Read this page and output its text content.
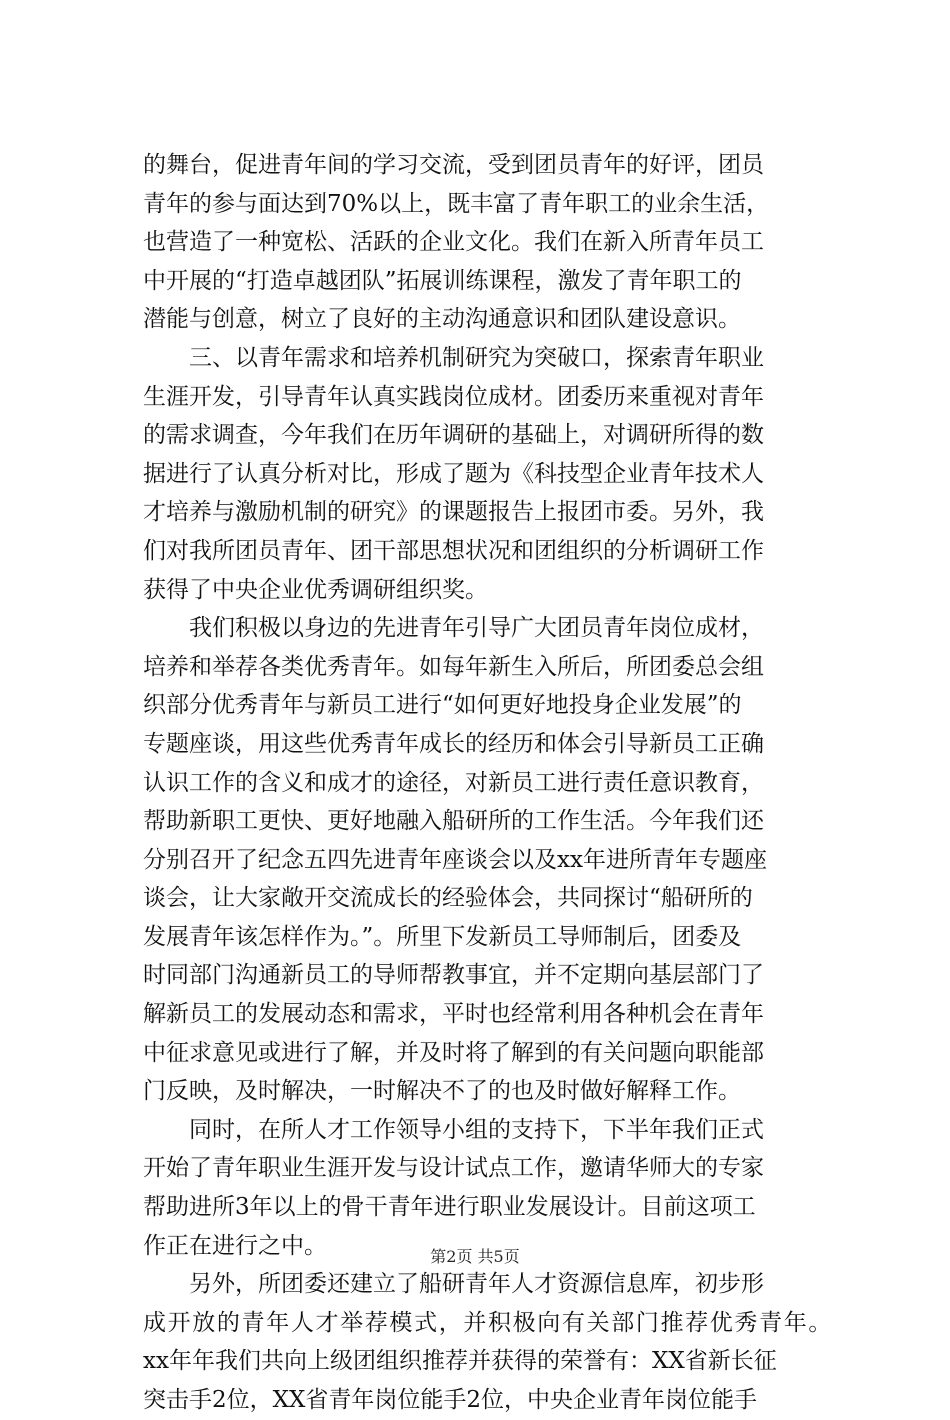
的舞台，促进青年间的学习交流，受到团员青年的好评，团员
青年的参与面达到70%以上，既丰富了青年职工的业余生活，
也营造了一种宽松、活跃的企业文化。我们在新入所青年员工
中开展的“打造卓越团队”拓展训练课程，激发了青年职工的
潜能与创意，树立了良好的主动沟通意识和团队建设意识。
　　三、以青年需求和培养机制研究为突破口，探索青年职业
生涯开发，引导青年认真实践岗位成材。团委历来重视对青年
的需求调查，今年我们在历年调研的基础上，对调研所得的数
据进行了认真分析对比，形成了题为《科技型企业青年技术人
才培养与激励机制的研究》的课题报告上报团市委。另外，我
们对我所团员青年、团干部思想状况和团组织的分析调研工作
获得了中央企业优秀调研组织奖。
　　我们积极以身边的先进青年引导广大团员青年岗位成材，
培养和举荐各类优秀青年。如每年新生入所后，所团委总会组
织部分优秀青年与新员工进行“如何更好地投身企业发展”的
专题座谈，用这些优秀青年成长的经历和体会引导新员工正确
认识工作的含义和成才的途径，对新员工进行责任意识教育，
帮助新职工更快、更好地融入船研所的工作生活。今年我们还
分别召开了纪念五四先进青年座谈会以及xx年进所青年专题座
谈会，让大家敞开交流成长的经验体会，共同探讨“船研所的
发展青年该怎样作为。”。所里下发新员工导师制后，团委及
时同部门沟通新员工的导师帮教事宜，并不定期向基层部门了
解新员工的发展动态和需求，平时也经常利用各种机会在青年
中征求意见或进行了解，并及时将了解到的有关问题向职能部
门反映，及时解决，一时解决不了的也及时做好解释工作。
　　同时，在所人才工作领导小组的支持下，下半年我们正式
开始了青年职业生涯开发与设计试点工作，邀请华师大的专家
帮助进所3年以上的骨干青年进行职业发展设计。目前这项工
作正在进行之中。
　　另外，所团委还建立了船研青年人才资源信息库，初步形
成开放的青年人才举荐模式，并积极向有关部门推荐优秀青年。
xx年年我们共向上级团组织推荐并获得的荣誉有：XX省新长征
突击手2位，XX省青年岗位能手2位，中央企业青年岗位能手
第2页 共5页
